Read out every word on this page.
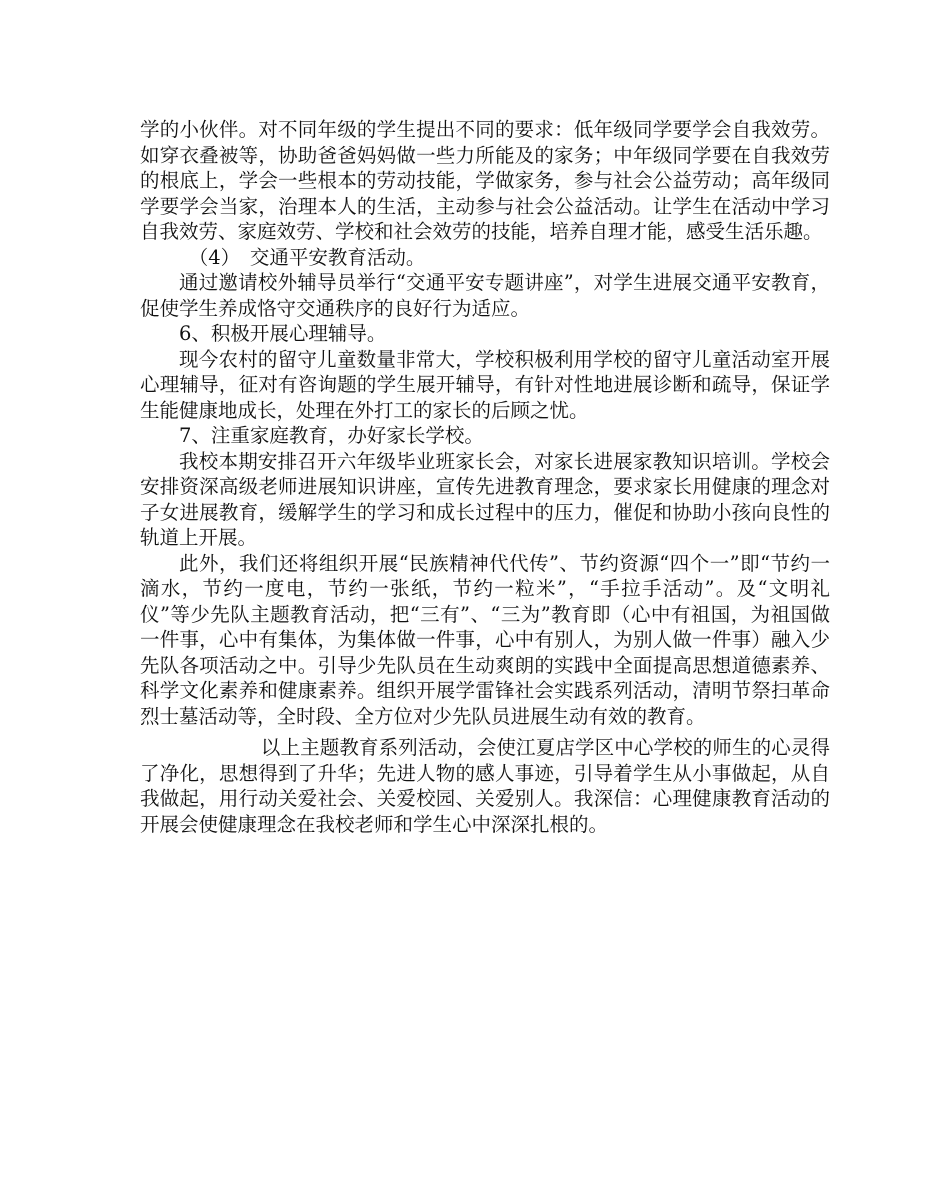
学的小伙伴。对不同年级的学生提出不同的要求：低年级同学要学会自我效劳。如穿衣叠被等，协助爸爸妈妈做一些力所能及的家务；中年级同学要在自我效劳的根底上，学会一些根本的劳动技能，学做家务，参与社会公益劳动；高年级同学要学会当家，治理本人的生活，主动参与社会公益活动。让学生在活动中学习自我效劳、家庭效劳、学校和社会效劳的技能，培养自理才能，感受生活乐趣。

（4）　交通平安教育活动。

通过邀请校外辅导员举行“交通平安专题讲座”，对学生进展交通平安教育，促使学生养成恪守交通秩序的良好行为适应。

6、积极开展心理辅导。

现今农村的留守儿童数量非常大，学校积极利用学校的留守儿童活动室开展心理辅导，征对有咨询题的学生展开辅导，有针对性地进展诊断和疏导，保证学生能健康地成长，处理在外打工的家长的后顾之忧。

7、注重家庭教育，办好家长学校。

我校本期安排召开六年级毕业班家长会，对家长进展家教知识培训。学校会安排资深高级老师进展知识讲座，宣传先进教育理念，要求家长用健康的理念对子女进展教育，缓解学生的学习和成长过程中的压力，催促和协助小孩向良性的轨道上开展。

此外，我们还将组织开展“民族精神代代传”、节约资源“四个一”即“节约一滴水，节约一度电，节约一张纸，节约一粒米”，“手拉手活动”。及“文明礼仪”等少先队主题教育活动，把“三有”、“三为”教育即（心中有祖国，为祖国做一件事，心中有集体，为集体做一件事，心中有别人，为别人做一件事）融入少先队各项活动之中。引导少先队员在生动爽朗的实践中全面提高思想道德素养、科学文化素养和健康素养。组织开展学雷锋社会实践系列活动，清明节祭扫革命烈士墓活动等，全时段、全方位对少先队员进展生动有效的教育。

以上主题教育系列活动，会使江夏店学区中心学校的师生的心灵得了净化，思想得到了升华；先进人物的感人事迹，引导着学生从小事做起，从自我做起，用行动关爱社会、关爱校园、关爱别人。我深信：心理健康教育活动的开展会使健康理念在我校老师和学生心中深深扎根的。
